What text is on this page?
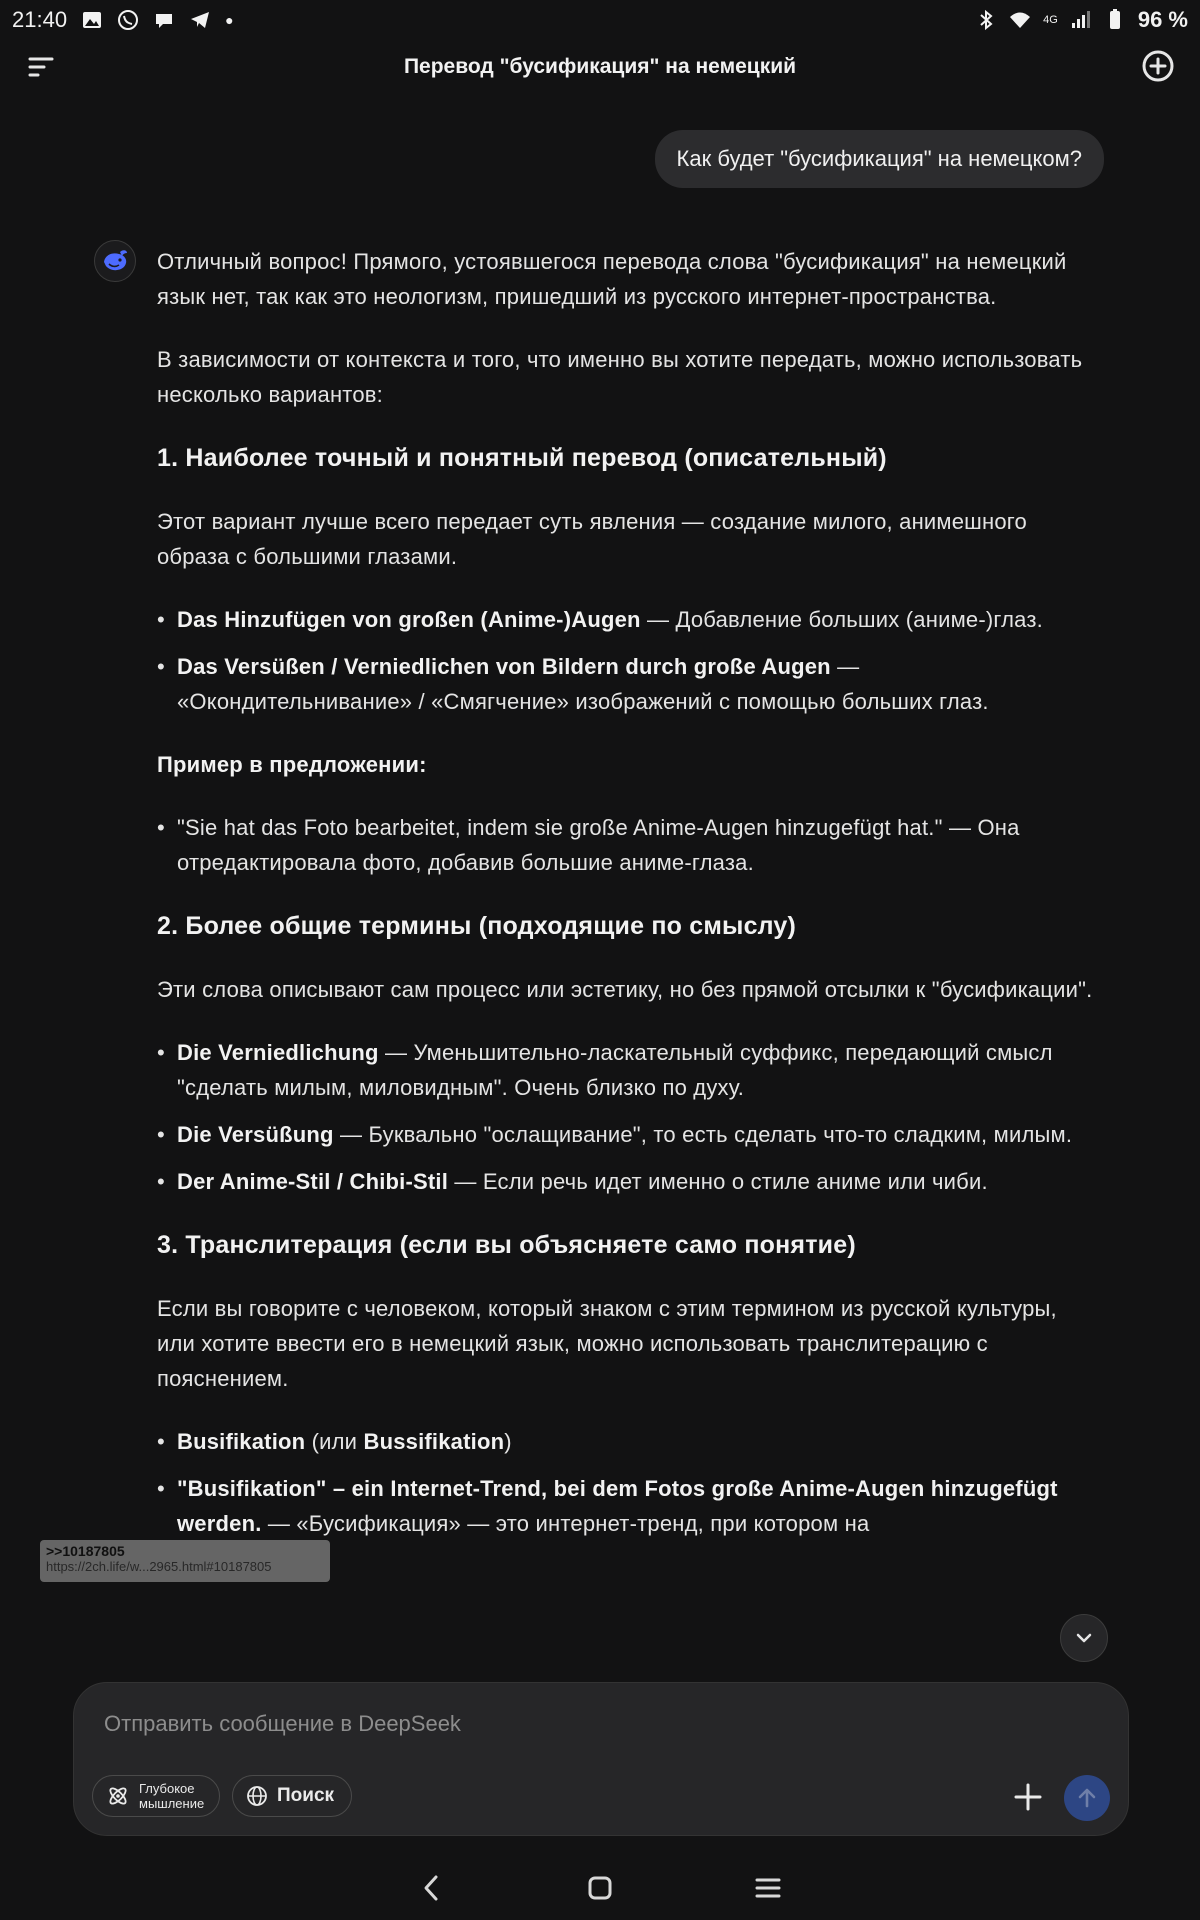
21:40	●	4G	96 %
Перевод "бусификация" на немецкий
Как будет "бусификация" на немецком?

Отличный вопрос! Прямого, устоявшегося перевода слова "бусификация" на немецкий язык нет, так как это неологизм, пришедший из русского интернет-пространства.

В зависимости от контекста и того, что именно вы хотите передать, можно использовать несколько вариантов:

1. Наиболее точный и понятный перевод (описательный)

Этот вариант лучше всего передает суть явления — создание милого, анимешного образа с большими глазами.

• Das Hinzufügen von großen (Anime-)Augen — Добавление больших (аниме-)глаз.
• Das Versüßen / Verniedlichen von Bildern durch große Augen — «Окондительнивание» / «Смягчение» изображений с помощью больших глаз.

Пример в предложении:

• "Sie hat das Foto bearbeitet, indem sie große Anime-Augen hinzugefügt hat." — Она отредактировала фото, добавив большие аниме-глаза.
2. Более общие термины (подходящие по смыслу)

Эти слова описывают сам процесс или эстетику, но без прямой отсылки к "бусификации".

• Die Verniedlichung — Уменьшительно-ласкательный суффикс, передающий смысл "сделать милым, миловидным". Очень близко по духу.
• Die Versüßung — Буквально "ослащивание", то есть сделать что-то сладким, милым.
• Der Anime-Stil / Chibi-Stil — Если речь идет именно о стиле аниме или чиби.
3. Транслитерация (если вы объясняете само понятие)

Если вы говорите с человеком, который знаком с этим термином из русской культуры, или хотите ввести его в немецкий язык, можно использовать транслитерацию с пояснением.

• Busifikation (или Bussifikation)
• "Busifikation" – ein Internet-Trend, bei dem Fotos große Anime-Augen hinzugefügt werden. — «Бусификация» — это интернет-тренд, при котором на
>>10187805
https://2ch.life/w...2965.html#10187805
Отправить сообщение в DeepSeek
Глубокое
мышление	Поиск
